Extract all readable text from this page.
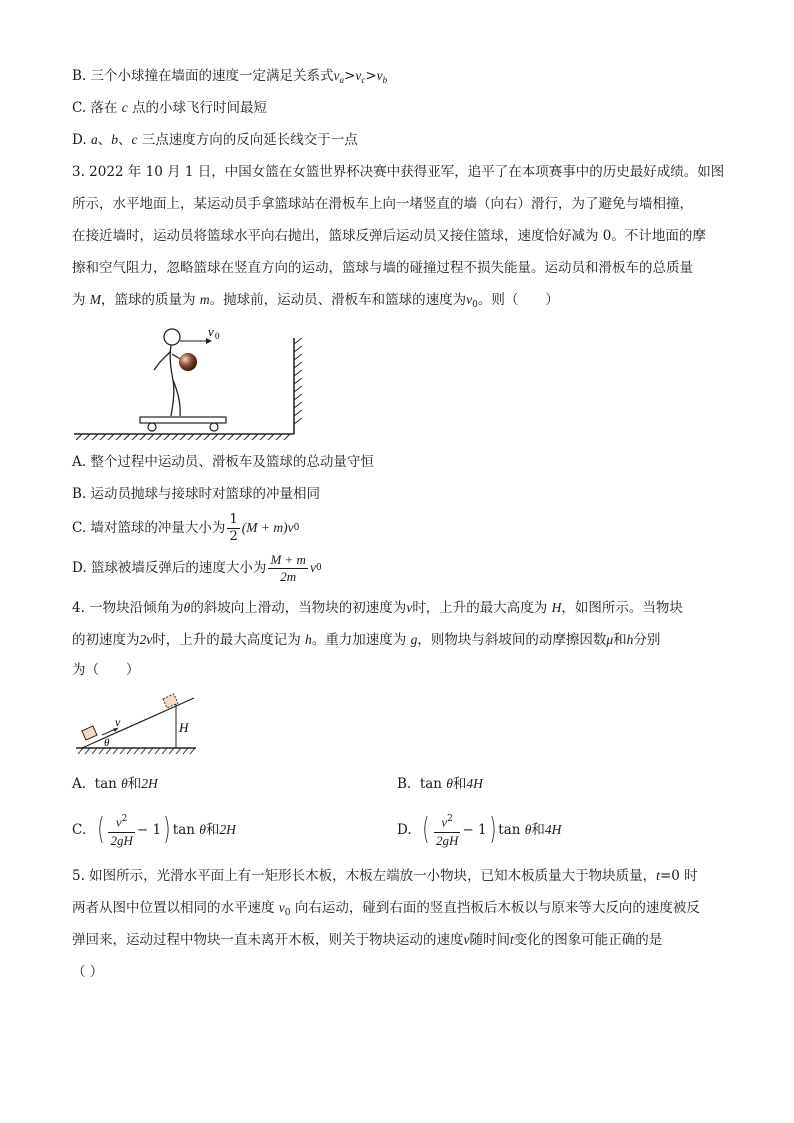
B. 三个小球撞在墙面的速度一定满足关系式$v_a>v_c>v_b$
C. 落在 c 点的小球飞行时间最短
D. a、b、c 三点速度方向的反向延长线交于一点
3. 2022 年 10 月 1 日，中国女篮在女篮世界杯决赛中获得亚军，追平了在本项赛事中的历史最好成绩。如图
所示，水平地面上，某运动员手拿篮球站在滑板车上向一堵竖直的墙（向右）滑行，为了避免与墙相撞，
在接近墙时，运动员将篮球水平向右抛出，篮球反弹后运动员又接住篮球，速度恰好减为 0。不计地面的摩
擦和空气阻力，忽略篮球在竖直方向的运动，篮球与墙的碰撞过程不损失能量。运动员和滑板车的总质量
为 M，篮球的质量为 m。抛球前，运动员、滑板车和篮球的速度为$v_0$。则（　　）
v 0
A. 整个过程中运动员、滑板车及篮球的总动量守恒
B. 运动员抛球与接球时对篮球的冲量相同
C. 墙对篮球的冲量大小为 $\frac{1}{2} (M + m)v$ 0
D. 篮球被墙反弹后的速度大小为 $\frac{M + m}{2m}$ v 0
4. 一物块沿倾角为θ的斜坡向上滑动，当物块的初速度为v时，上升的最大高度为 H，如图所示。当物块
的初速度为2v时，上升的最大高度记为 h。重力加速度为 g，则物块与斜坡间的动摩擦因数μ和h分别
为（　　）
v
θ
H
A. tan θ和2H	B. tan θ和4H
C.
( $\frac{v^2}{2gH} - 1$ ) tan
θ 和 2H	D.
( $\frac{v^2}{2gH} - 1$ ) tan
θ 和 4H
5. 如图所示，光滑水平面上有一矩形长木板，木板左端放一小物块，已知木板质量大于物块质量，t=0 时
两者从图中位置以相同的水平速度 $v_0$ 向右运动，碰到右面的竖直挡板后木板以与原来等大反向的速度被反
弹回来，运动过程中物块一直未离开木板，则关于物块运动的速度v随时间t变化的图象可能正确的是
（ ）
